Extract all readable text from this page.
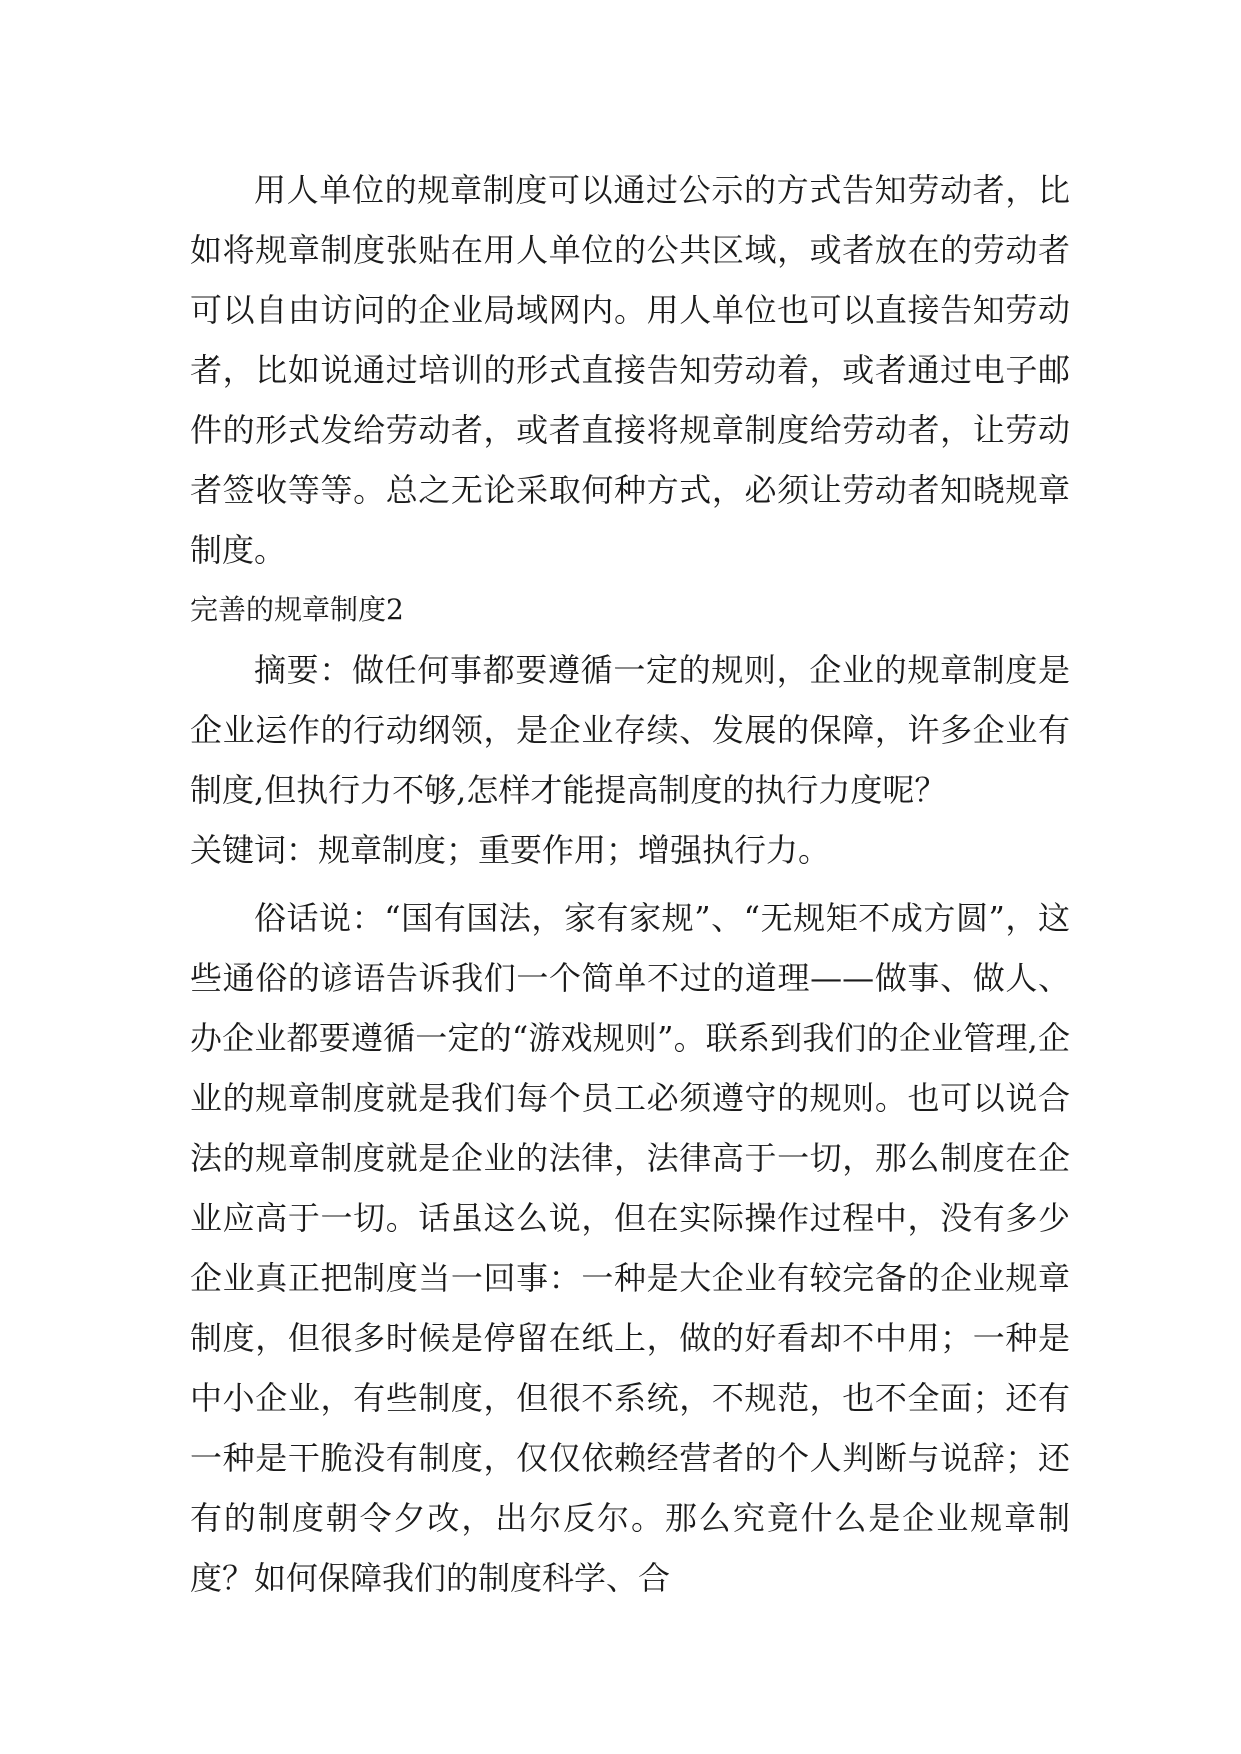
用人单位的规章制度可以通过公示的方式告知劳动者，比如将规章制度张贴在用人单位的公共区域，或者放在的劳动者可以自由访问的企业局域网内。用人单位也可以直接告知劳动者，比如说通过培训的形式直接告知劳动着，或者通过电子邮件的形式发给劳动者，或者直接将规章制度给劳动者，让劳动者签收等等。总之无论采取何种方式，必须让劳动者知晓规章制度。

完善的规章制度2

摘要：做任何事都要遵循一定的规则，企业的规章制度是企业运作的行动纲领，是企业存续、发展的保障，许多企业有制度,但执行力不够,怎样才能提高制度的执行力度呢？

关键词：规章制度；重要作用；增强执行力。

俗话说：“国有国法，家有家规”、“无规矩不成方圆”，这些通俗的谚语告诉我们一个简单不过的道理——做事、做人、办企业都要遵循一定的“游戏规则”。联系到我们的企业管理,企业的规章制度就是我们每个员工必须遵守的规则。也可以说合法的规章制度就是企业的法律，法律高于一切，那么制度在企业应高于一切。话虽这么说，但在实际操作过程中，没有多少企业真正把制度当一回事：一种是大企业有较完备的企业规章制度，但很多时候是停留在纸上，做的好看却不中用；一种是中小企业，有些制度，但很不系统，不规范，也不全面；还有一种是干脆没有制度，仅仅依赖经营者的个人判断与说辞；还有的制度朝令夕改，出尔反尔。那么究竟什么是企业规章制度？如何保障我们的制度科学、合
